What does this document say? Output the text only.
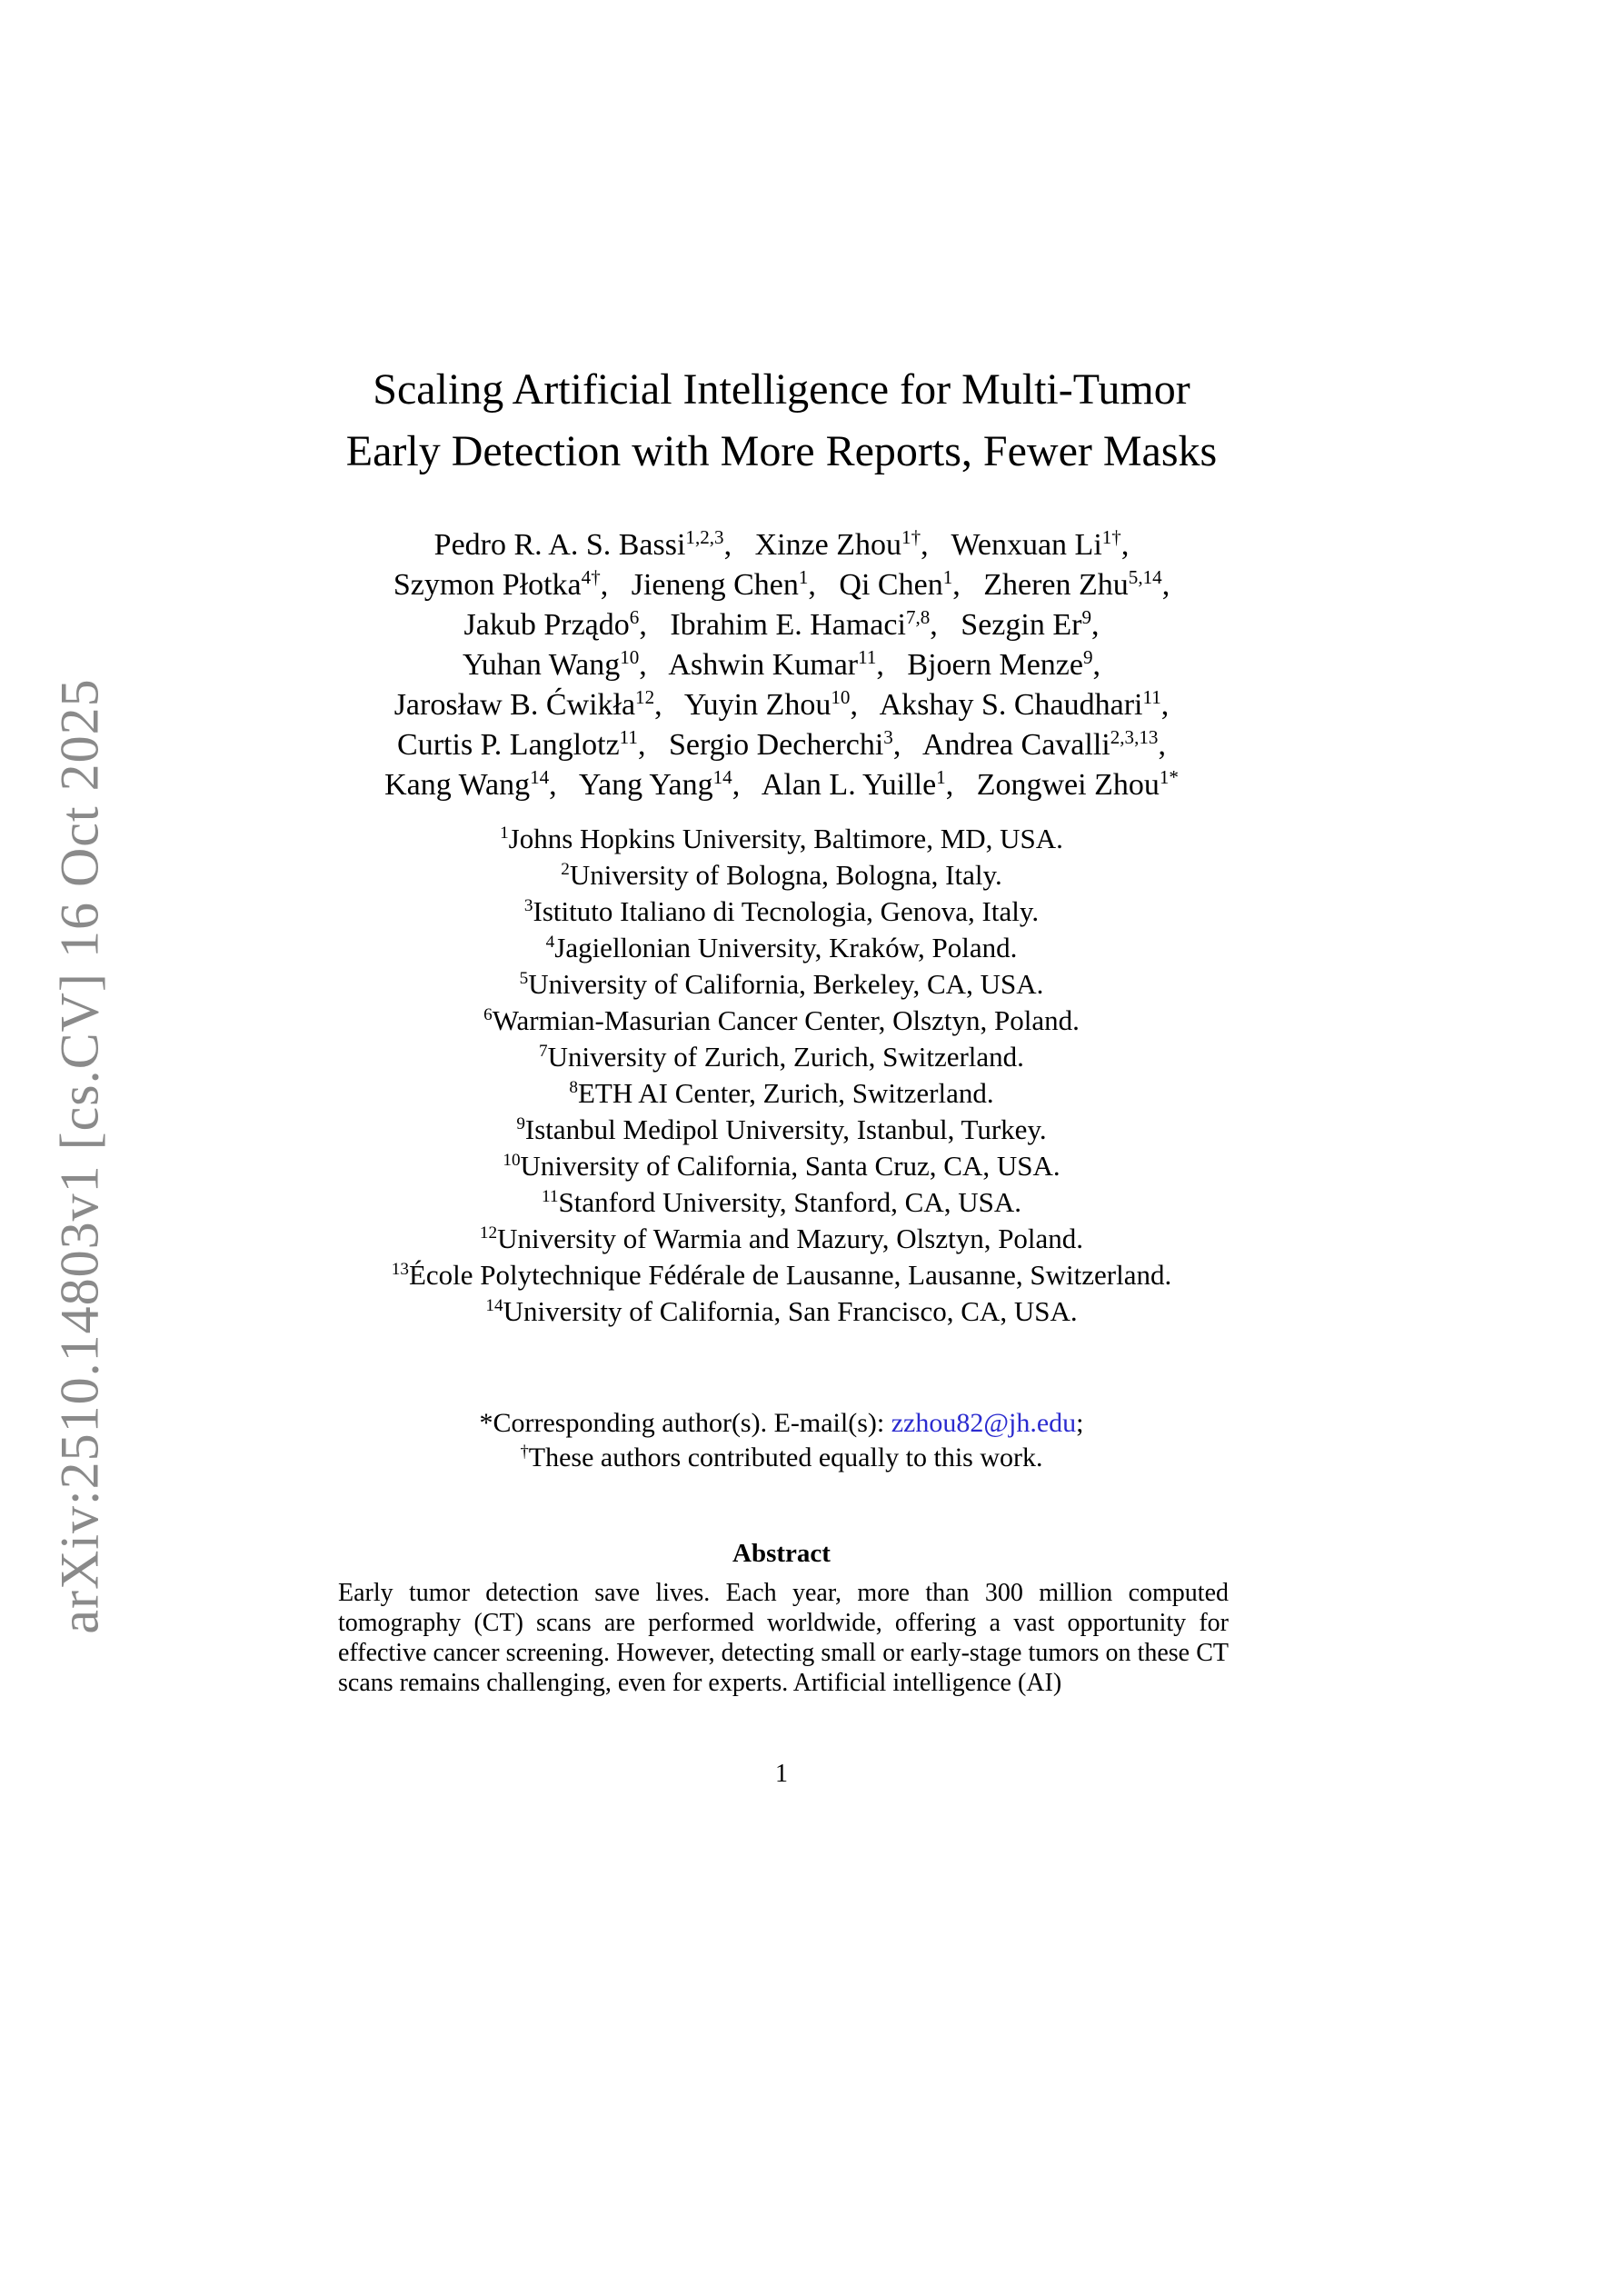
arXiv:2510.14803v1 [cs.CV] 16 Oct 2025
Scaling Artificial Intelligence for Multi-Tumor
Early Detection with More Reports, Fewer Masks
Pedro R. A. S. Bassi$^{1,2,3}$,  Xinze Zhou$^{1\dagger}$,  Wenxuan $Li^{1\dagger}$,
Szymon Płotka$^{4\dagger}$,  Jieneng Chen$^1$,  Qi Chen$^1$,  Zheren Zhu$^{5,14}$,
Jakub Prządo$^6$,  Ibrahim E. Hamaci$^{7,8}$,  Sezgin Er$^9$,
Yuhan Wang$^{10}$,  Ashwin Kumar$^{11}$,  Bjoern Menze$^9$,
Jarosław B. Ćwikła$^{12}$,  Yuyin Zhou$^{10}$,  Akshay S. Chaudhari$^{11}$,
Curtis P. Langlotz$^{11}$,  Sergio Decherchi$^3$,  Andrea Cavalli$^{2,3,13}$,
Kang Wang$^{14}$,  Yang Yang$^{14}$,  Alan L. Yuille$^1$,  Zongwei Zhou$^{1*}$
$^1$Johns Hopkins University, Baltimore, MD, USA.
$^2$University of Bologna, Bologna, Italy.
$^3$Istituto Italiano di Tecnologia, Genova, Italy.
$^4$Jagiellonian University, Kraków, Poland.
$^5$University of California, Berkeley, CA, USA.
$^6$Warmian-Masurian Cancer Center, Olsztyn, Poland.
$^7$University of Zurich, Zurich, Switzerland.
$^8$ETH AI Center, Zurich, Switzerland.
$^9$Istanbul Medipol University, Istanbul, Turkey.
$^{10}$University of California, Santa Cruz, CA, USA.
$^{11}$Stanford University, Stanford, CA, USA.
$^{12}$University of Warmia and Mazury, Olsztyn, Poland.
$^{13}$École Polytechnique Fédérale de Lausanne, Lausanne, Switzerland.
$^{14}$University of California, San Francisco, CA, USA.
*Corresponding author(s). E-mail(s): zzhou82@jh.edu;
†These authors contributed equally to this work.
Abstract
Early tumor detection save lives. Each year, more than 300 million computed tomography (CT) scans are performed worldwide, offering a vast opportunity for effective cancer screening. However, detecting small or early-stage tumors on these CT scans remains challenging, even for experts. Artificial intelligence (AI)
1
